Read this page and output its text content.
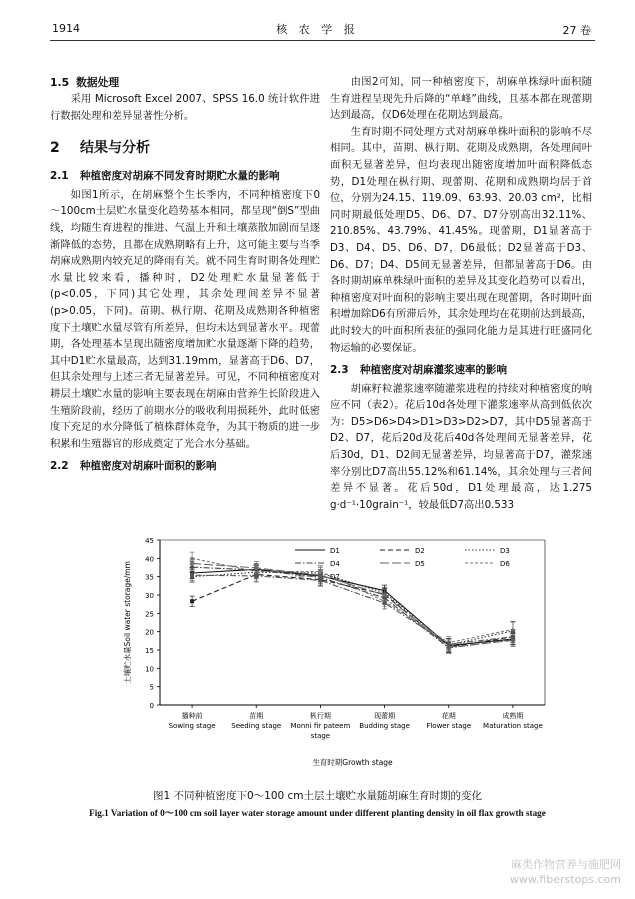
1914	核 农 学 报	27 卷
1.5 数据处理

采用 Microsoft Excel 2007、SPSS 16.0 统计软件进行数据处理和差异显著性分析。

2 结果与分析
2.1 种植密度对胡麻不同发育时期贮水量的影响

如图1所示，在胡麻整个生长季内，不同种植密度下0～100cm土层贮水量变化趋势基本相同，都呈现“倒S”型曲线，均随生育进程的推进、气温上升和土壤蒸散加剧而呈逐渐降低的态势，且都在成熟期略有上升，这可能主要与当季胡麻成熟期内较充足的降雨有关。就不同生育时期各处理贮水量比较来看，播种时，D2处理贮水量显著低于(p<0.05，下同)其它处理，其余处理间差异不显著(p>0.05，下同)。苗期、枞行期、花期及成熟期各种植密度下土壤贮水量尽管有所差异，但均未达到显著水平。现蕾期，各处理基本呈现出随密度增加贮水量逐渐下降的趋势，其中D1贮水量最高，达到31.19mm，显著高于D6、D7，但其余处理与上述三者无显著差异。可见，不同种植密度对耕层土壤贮水量的影响主要表现在胡麻由营养生长阶段进入生殖阶段前，经历了前期水分的吸收利用损耗外，此时低密度下充足的水分降低了植株群体竞争，为其干物质的进一步积累和生殖器官的形成奠定了光合水分基础。

2.2 种植密度对胡麻叶面积的影响

由图2可知，同一种植密度下，胡麻单株绿叶面积随生育进程呈现先升后降的“单峰”曲线，且基本都在现蕾期达到最高，仅D6处理在花期达到最高。

生育时期不同处理方式对胡麻单株叶面积的影响不尽相同。其中，苗期、枞行期、花期及成熟期，各处理间叶面积无显著差异，但均表现出随密度增加叶面积降低态势，D1处理在枞行期、现蕾期、花期和成熟期均居于首位，分别为24.15、119.09、63.93、20.03 cm²，比相同时期最低处理D5、D6、D7、D7分别高出32.11%、210.85%、43.79%、41.45%。现蕾期，D1显著高于D3、D4、D5、D6、D7，D6最低；D2显著高于D3、D6、D7；D4、D5间无显著差异，但都显著高于D6。由各时期胡麻单株绿叶面积的差异及其变化趋势可以看出，种植密度对叶面积的影响主要出现在现蕾期，各时期叶面积增加除D6有所滞后外，其余处理均在花期前达到最高，此时较大的叶面积所表征的强同化能力是其进行旺盛同化物运输的必要保证。

2.3 种植密度对胡麻灌浆速率的影响

胡麻籽粒灌浆速率随灌浆进程的持续对种植密度的响应不同（表2）。花后10d各处理下灌浆速率从高到低依次为：D5>D6>D4>D1>D3>D2>D7，其中D5显著高于D2、D7，花后20d及花后40d各处理间无显著差异，花后30d，D1、D2间无显著差异，均显著高于D7，灌浆速率分别比D7高出55.12%和61.14%，其余处理与三者间差异不显著。花后50d，D1处理最高，达1.275 g·d⁻¹·10grain⁻¹，较最低D7高出0.533

0
5
10
15
20
25
30
35
40
45
播种前
Sowing stage
苗期
Seeding stage
枞行期
Monni fir pateem
stage
现蕾期
Budding stage
花期
Flower stage
成熟期
Maturation stage
生育时期Growth stage
土壤贮水量Soil water storage/mm
D1	D2	D3
D4	D5	D6
D7
图1 不同种植密度下0～100 cm土层土壤贮水量随胡麻生育时期的变化
Fig.1 Variation of 0～100 cm soil layer water storage amount under different planting density in oil flax growth stage
麻类作物营养与施肥网
www.fiberstops.com
